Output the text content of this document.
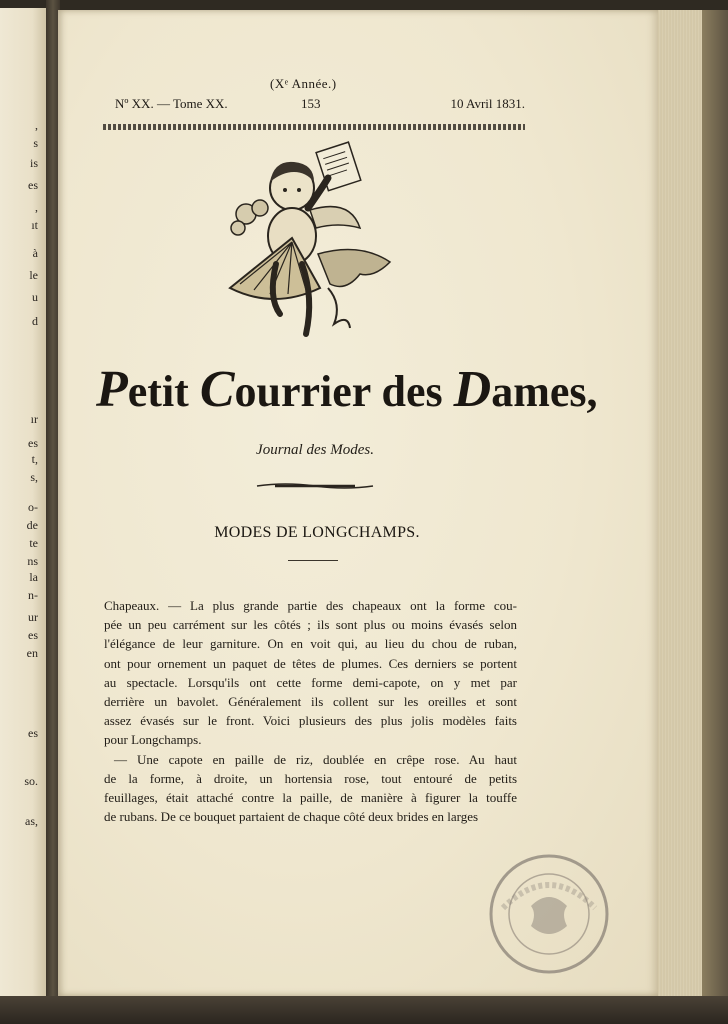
,
s
is
es
,
ıt
à
le
u
d
ır
es
t,
s,
o-
de
te
ns
la
n-
ur
es
en
es
so.
as,
(Xᵉ Année.)
Nº XX. — Tome XX.	153	10 Avril 1831.
Petit Courrier des Dames,
Journal des Modes.
MODES DE LONGCHAMPS.
Chapeaux. — La plus grande partie des chapeaux ont la forme cou-
pée un peu carrément sur les côtés ; ils sont plus ou moins évasés selon
l'élégance de leur garniture. On en voit qui, au lieu du chou de ruban,
ont pour ornement un paquet de têtes de plumes. Ces derniers se portent
au spectacle. Lorsqu'ils ont cette forme demi-capote, on y met par
derrière un bavolet. Généralement ils collent sur les oreilles et sont
assez évasés sur le front. Voici plusieurs des plus jolis modèles faits
pour Longchamps.
— Une capote en paille de riz, doublée en crêpe rose. Au haut
de la forme, à droite, un hortensia rose, tout entouré de petits
feuillages, était attaché contre la paille, de manière à figurer la touffe
de rubans. De ce bouquet partaient de chaque côté deux brides en larges
